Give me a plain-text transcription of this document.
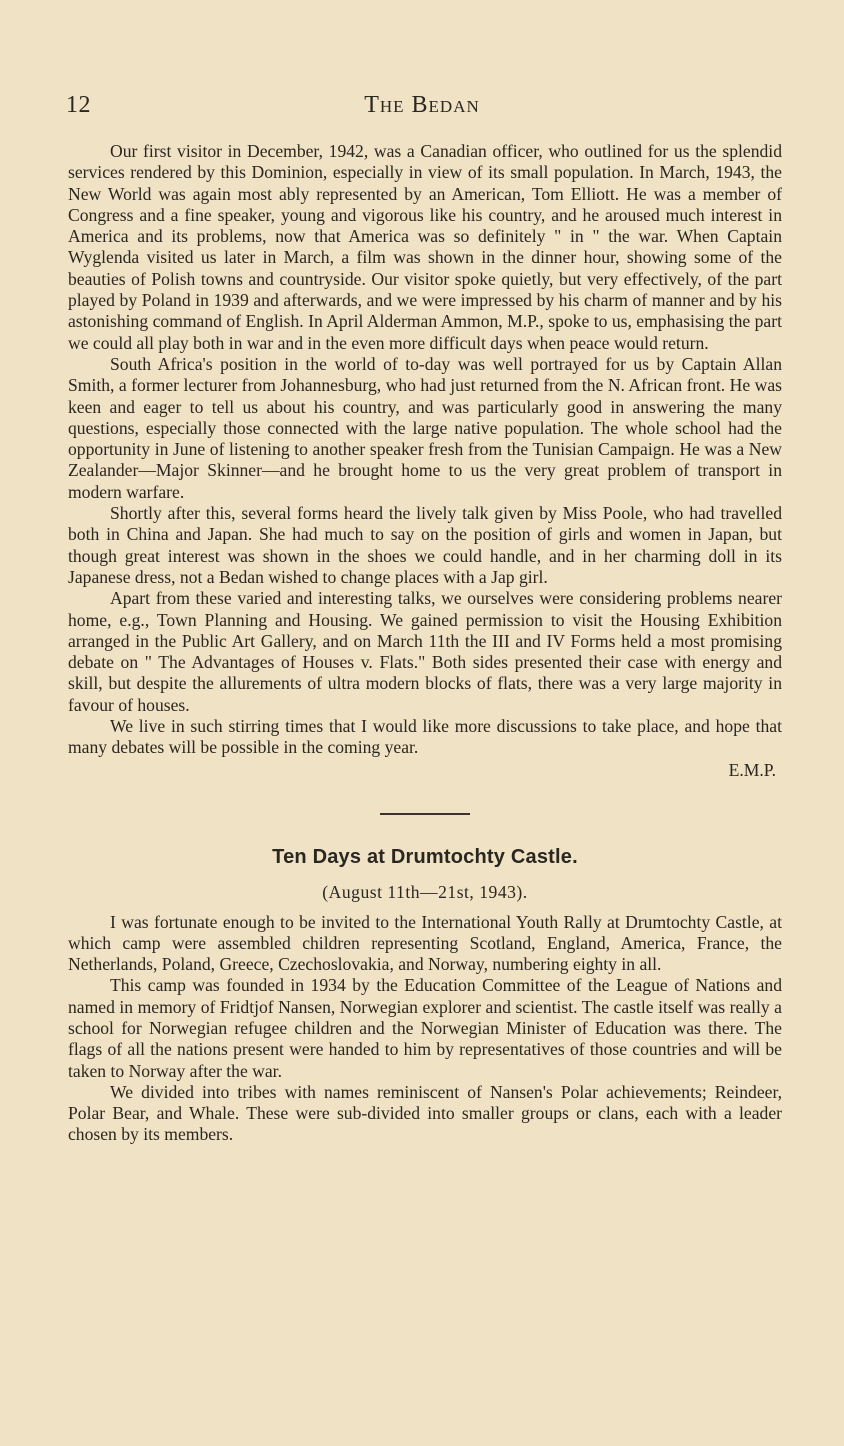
12	The Bedan

Our first visitor in December, 1942, was a Canadian officer, who outlined for us the splendid services rendered by this Dominion, especially in view of its small population. In March, 1943, the New World was again most ably represented by an American, Tom Elliott. He was a member of Congress and a fine speaker, young and vigorous like his country, and he aroused much interest in America and its problems, now that America was so definitely " in " the war. When Captain Wyglenda visited us later in March, a film was shown in the dinner hour, showing some of the beauties of Polish towns and countryside. Our visitor spoke quietly, but very effectively, of the part played by Poland in 1939 and afterwards, and we were impressed by his charm of manner and by his astonishing command of English. In April Alderman Ammon, M.P., spoke to us, emphasising the part we could all play both in war and in the even more difficult days when peace would return.

South Africa's position in the world of to-day was well portrayed for us by Captain Allan Smith, a former lecturer from Johannesburg, who had just returned from the N. African front. He was keen and eager to tell us about his country, and was particularly good in answering the many questions, especially those connected with the large native population. The whole school had the opportunity in June of listening to another speaker fresh from the Tunisian Campaign. He was a New Zealander—Major Skinner—and he brought home to us the very great problem of transport in modern warfare.

Shortly after this, several forms heard the lively talk given by Miss Poole, who had travelled both in China and Japan. She had much to say on the position of girls and women in Japan, but though great interest was shown in the shoes we could handle, and in her charming doll in its Japanese dress, not a Bedan wished to change places with a Jap girl.

Apart from these varied and interesting talks, we ourselves were considering problems nearer home, e.g., Town Planning and Housing. We gained permission to visit the Housing Exhibition arranged in the Public Art Gallery, and on March 11th the III and IV Forms held a most promising debate on " The Advantages of Houses v. Flats." Both sides presented their case with energy and skill, but despite the allurements of ultra modern blocks of flats, there was a very large majority in favour of houses.

We live in such stirring times that I would like more discussions to take place, and hope that many debates will be possible in the coming year.

E.M.P.
Ten Days at Drumtochty Castle.
(August 11th—21st, 1943).

I was fortunate enough to be invited to the International Youth Rally at Drumtochty Castle, at which camp were assembled children representing Scotland, England, America, France, the Netherlands, Poland, Greece, Czechoslovakia, and Norway, numbering eighty in all.

This camp was founded in 1934 by the Education Committee of the League of Nations and named in memory of Fridtjof Nansen, Norwegian explorer and scientist. The castle itself was really a school for Norwegian refugee children and the Norwegian Minister of Education was there. The flags of all the nations present were handed to him by representatives of those countries and will be taken to Norway after the war.

We divided into tribes with names reminiscent of Nansen's Polar achievements; Reindeer, Polar Bear, and Whale. These were sub-divided into smaller groups or clans, each with a leader chosen by its members.
